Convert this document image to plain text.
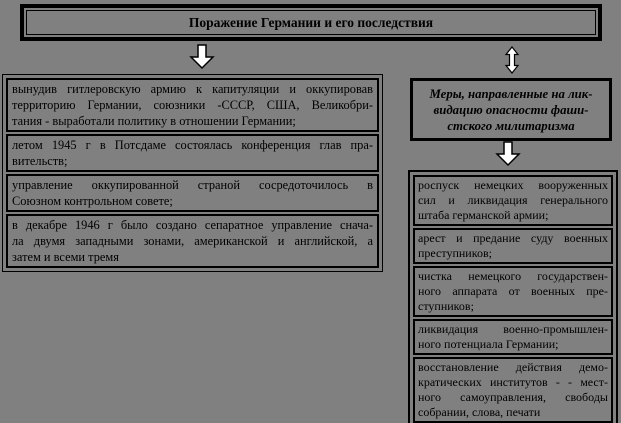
Поражение Германии и его последствия
вынудив гитлеровскую армию к капитуляции и оккупировав
территорию Германии, союзники -СССР, США, Великобри-
тания - выработали политику в отношении Германии;
летом 1945 г в Потсдаме состоялась конференция глав пра-
вительств;
управление оккупированной страной сосредоточилось в
Союзном контрольном совете;
в декабре 1946 г было создано сепаратное управление снача-
ла двумя западными зонами, американской и английской, а
затем и всеми тремя
Меры, направленные на лик-
видацию опасности фаши-
стского милитаризма
роспуск немецких вооруженных
сил и ликвидация генерального
штаба германской армии;
арест и предание суду военных
преступников;
чистка немецкого государствен-
ного аппарата от военных пре-
ступников;
ликвидация военно-промышлен-
ного потенциала Германии;
восстановление действия демо-
кратических институтов - - мест-
ного самоуправления, свободы
собрании, слова, печати
